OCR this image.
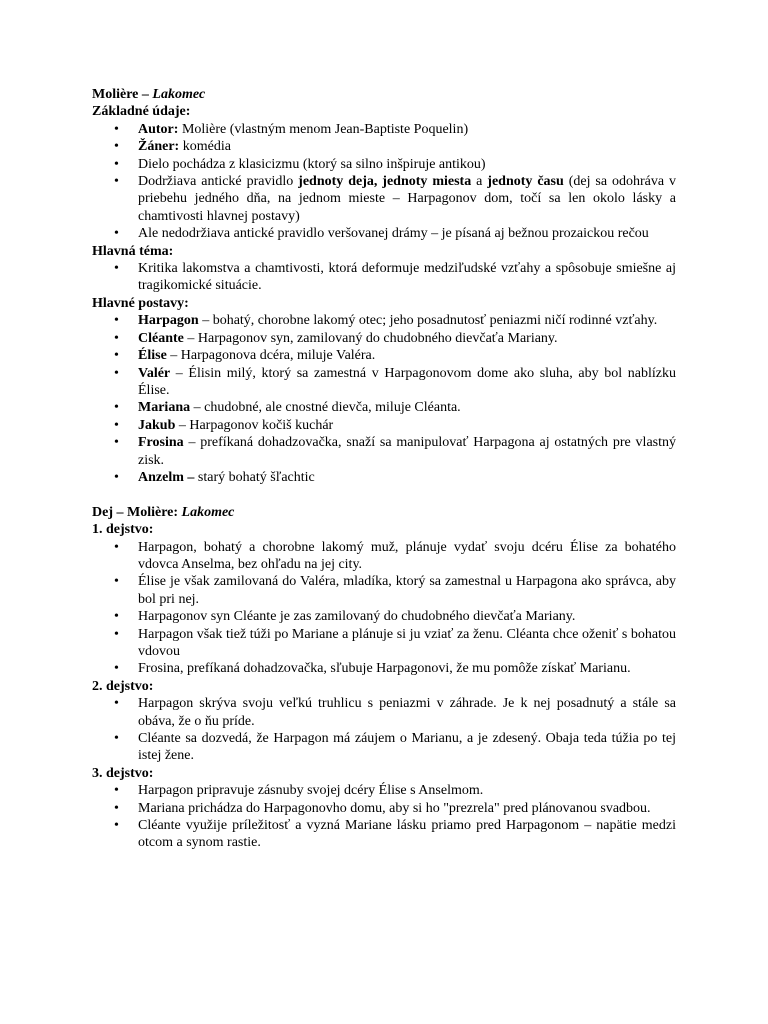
Molière – Lakomec

Základné údaje:

• Autor: Molière (vlastným menom Jean-Baptiste Poquelin)
• Žáner: komédia
• Dielo pochádza z klasicizmu (ktorý sa silno inšpiruje antikou)
• Dodržiava antické pravidlo jednoty deja, jednoty miesta a jednoty času (dej sa odohráva v priebehu jedného dňa, na jednom mieste – Harpagonov dom, točí sa len okolo lásky a chamtivosti hlavnej postavy)
• Ale nedodržiava antické pravidlo veršovanej drámy – je písaná aj bežnou prozaickou rečou

Hlavná téma:

• Kritika lakomstva a chamtivosti, ktorá deformuje medziľudské vzťahy a spôsobuje smiešne aj tragikomické situácie.

Hlavné postavy:

• Harpagon – bohatý, chorobne lakomý otec; jeho posadnutosť peniazmi ničí rodinné vzťahy.
• Cléante – Harpagonov syn, zamilovaný do chudobného dievčaťa Mariany.
• Élise – Harpagonova dcéra, miluje Valéra.
• Valér – Élisin milý, ktorý sa zamestná v Harpagonovom dome ako sluha, aby bol nablízku Élise.
• Mariana – chudobné, ale cnostné dievča, miluje Cléanta.
• Jakub – Harpagonov kočiš kuchár
• Frosina – prefíkaná dohadzovačka, snaží sa manipulovať Harpagona aj ostatných pre vlastný zisk.
• Anzelm – starý bohatý šľachtic

Dej – Molière: Lakomec

1. dejstvo:

• Harpagon, bohatý a chorobne lakomý muž, plánuje vydať svoju dcéru Élise za bohatého vdovca Anselma, bez ohľadu na jej city.
• Élise je však zamilovaná do Valéra, mladíka, ktorý sa zamestnal u Harpagona ako správca, aby bol pri nej.
• Harpagonov syn Cléante je zas zamilovaný do chudobného dievčaťa Mariany.
• Harpagon však tiež túži po Mariane a plánuje si ju vziať za ženu. Cléanta chce oženiť s bohatou vdovou
• Frosina, prefíkaná dohadzovačka, sľubuje Harpagonovi, že mu pomôže získať Marianu.

2. dejstvo:

• Harpagon skrýva svoju veľkú truhlicu s peniazmi v záhrade. Je k nej posadnutý a stále sa obáva, že o ňu príde.
• Cléante sa dozvedá, že Harpagon má záujem o Marianu, a je zdesený. Obaja teda túžia po tej istej žene.

3. dejstvo:

• Harpagon pripravuje zásnuby svojej dcéry Élise s Anselmom.
• Mariana prichádza do Harpagonovho domu, aby si ho "prezrela" pred plánovanou svadbou.
• Cléante využije príležitosť a vyzná Mariane lásku priamo pred Harpagonom – napätie medzi otcom a synom rastie.
